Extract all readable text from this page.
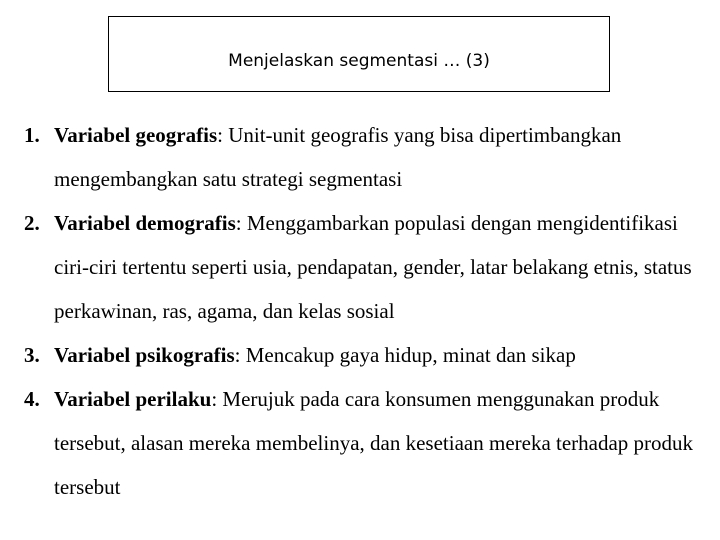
Menjelaskan segmentasi … (3)
1. Variabel geografis: Unit-unit geografis yang bisa dipertimbangkan mengembangkan satu strategi segmentasi
2. Variabel demografis: Menggambarkan populasi dengan mengidentifikasi ciri-ciri tertentu seperti usia, pendapatan, gender, latar belakang etnis, status perkawinan, ras, agama, dan kelas sosial
3. Variabel psikografis: Mencakup gaya hidup, minat dan sikap
4. Variabel perilaku: Merujuk pada cara konsumen menggunakan produk tersebut, alasan mereka membelinya, dan kesetiaan mereka terhadap produk tersebut
